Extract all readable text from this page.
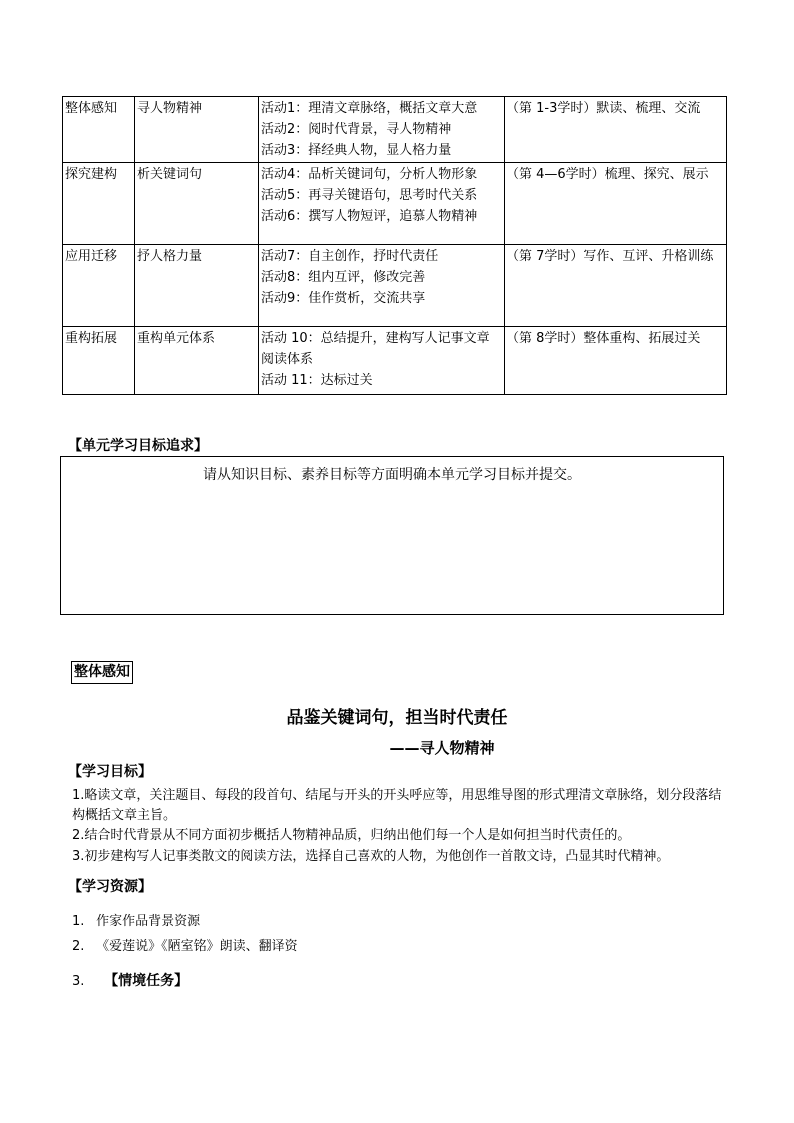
整体感知	寻人物精神	活动1：理清文章脉络，概括文章大意
活动2：阅时代背景，寻人物精神
活动3：择经典人物，显人格力量	（第 1-3学时）默读、梳理、交流
探究建构	析关键词句	活动4：品析关键词句，分析人物形象
活动5：再寻关键语句，思考时代关系
活动6：撰写人物短评，追慕人物精神	（第 4—6学时）梳理、探究、展示
应用迁移	抒人格力量	活动7：自主创作，抒时代责任
活动8：组内互评，修改完善
活动9：佳作赏析，交流共享	（第 7学时）写作、互评、升格训练
重构拓展	重构单元体系	活动 10：总结提升，建构写人记事文章阅读体系
活动 11：达标过关	（第 8学时）整体重构、拓展过关
【单元学习目标追求】
请从知识目标、素养目标等方面明确本单元学习目标并提交。
整体感知
品鉴关键词句，担当时代责任
——寻人物精神
【学习目标】
1.略读文章，关注题目、每段的段首句、结尾与开头的开头呼应等，用思维导图的形式理清文章脉络，划分段落结构概括文章主旨。
2.结合时代背景从不同方面初步概括人物精神品质，归纳出他们每一个人是如何担当时代责任的。
3.初步建构写人记事类散文的阅读方法，选择自己喜欢的人物，为他创作一首散文诗，凸显其时代精神。
【学习资源】
1. 作家作品背景资源
2. 《爱莲说》《陋室铭》朗读、翻译资
3. 【情境任务】
